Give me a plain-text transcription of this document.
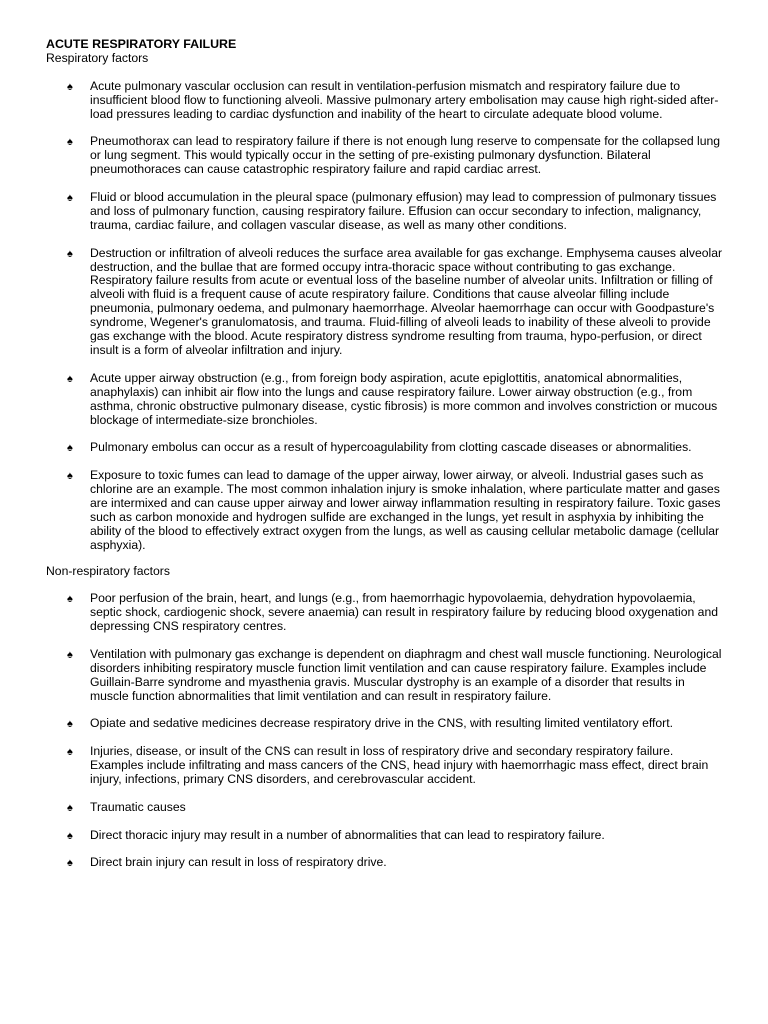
ACUTE RESPIRATORY FAILURE

Respiratory factors

♠ Acute pulmonary vascular occlusion can result in ventilation-perfusion mismatch and respiratory failure due to insufficient blood flow to functioning alveoli. Massive pulmonary artery embolisation may cause high right-sided after-load pressures leading to cardiac dysfunction and inability of the heart to circulate adequate blood volume.
♠ Pneumothorax can lead to respiratory failure if there is not enough lung reserve to compensate for the collapsed lung or lung segment. This would typically occur in the setting of pre-existing pulmonary dysfunction. Bilateral pneumothoraces can cause catastrophic respiratory failure and rapid cardiac arrest.
♠ Fluid or blood accumulation in the pleural space (pulmonary effusion) may lead to compression of pulmonary tissues and loss of pulmonary function, causing respiratory failure. Effusion can occur secondary to infection, malignancy, trauma, cardiac failure, and collagen vascular disease, as well as many other conditions.
♠ Destruction or infiltration of alveoli reduces the surface area available for gas exchange. Emphysema causes alveolar destruction, and the bullae that are formed occupy intra-thoracic space without contributing to gas exchange. Respiratory failure results from acute or eventual loss of the baseline number of alveolar units. Infiltration or filling of alveoli with fluid is a frequent cause of acute respiratory failure. Conditions that cause alveolar filling include pneumonia, pulmonary oedema, and pulmonary haemorrhage. Alveolar haemorrhage can occur with Goodpasture's syndrome, Wegener's granulomatosis, and trauma. Fluid-filling of alveoli leads to inability of these alveoli to provide gas exchange with the blood. Acute respiratory distress syndrome resulting from trauma, hypo-perfusion, or direct insult is a form of alveolar infiltration and injury.
♠ Acute upper airway obstruction (e.g., from foreign body aspiration, acute epiglottitis, anatomical abnormalities, anaphylaxis) can inhibit air flow into the lungs and cause respiratory failure. Lower airway obstruction (e.g., from asthma, chronic obstructive pulmonary disease, cystic fibrosis) is more common and involves constriction or mucous blockage of intermediate-size bronchioles.
♠ Pulmonary embolus can occur as a result of hypercoagulability from clotting cascade diseases or abnormalities.
♠ Exposure to toxic fumes can lead to damage of the upper airway, lower airway, or alveoli. Industrial gases such as chlorine are an example. The most common inhalation injury is smoke inhalation, where particulate matter and gases are intermixed and can cause upper airway and lower airway inflammation resulting in respiratory failure. Toxic gases such as carbon monoxide and hydrogen sulfide are exchanged in the lungs, yet result in asphyxia by inhibiting the ability of the blood to effectively extract oxygen from the lungs, as well as causing cellular metabolic damage (cellular asphyxia).

Non-respiratory factors

♠ Poor perfusion of the brain, heart, and lungs (e.g., from haemorrhagic hypovolaemia, dehydration hypovolaemia, septic shock, cardiogenic shock, severe anaemia) can result in respiratory failure by reducing blood oxygenation and depressing CNS respiratory centres.
♠ Ventilation with pulmonary gas exchange is dependent on diaphragm and chest wall muscle functioning. Neurological disorders inhibiting respiratory muscle function limit ventilation and can cause respiratory failure. Examples include Guillain-Barre syndrome and myasthenia gravis. Muscular dystrophy is an example of a disorder that results in muscle function abnormalities that limit ventilation and can result in respiratory failure.
♠ Opiate and sedative medicines decrease respiratory drive in the CNS, with resulting limited ventilatory effort.
♠ Injuries, disease, or insult of the CNS can result in loss of respiratory drive and secondary respiratory failure. Examples include infiltrating and mass cancers of the CNS, head injury with haemorrhagic mass effect, direct brain injury, infections, primary CNS disorders, and cerebrovascular accident.
♠ Traumatic causes
♠ Direct thoracic injury may result in a number of abnormalities that can lead to respiratory failure.
♠ Direct brain injury can result in loss of respiratory drive.
